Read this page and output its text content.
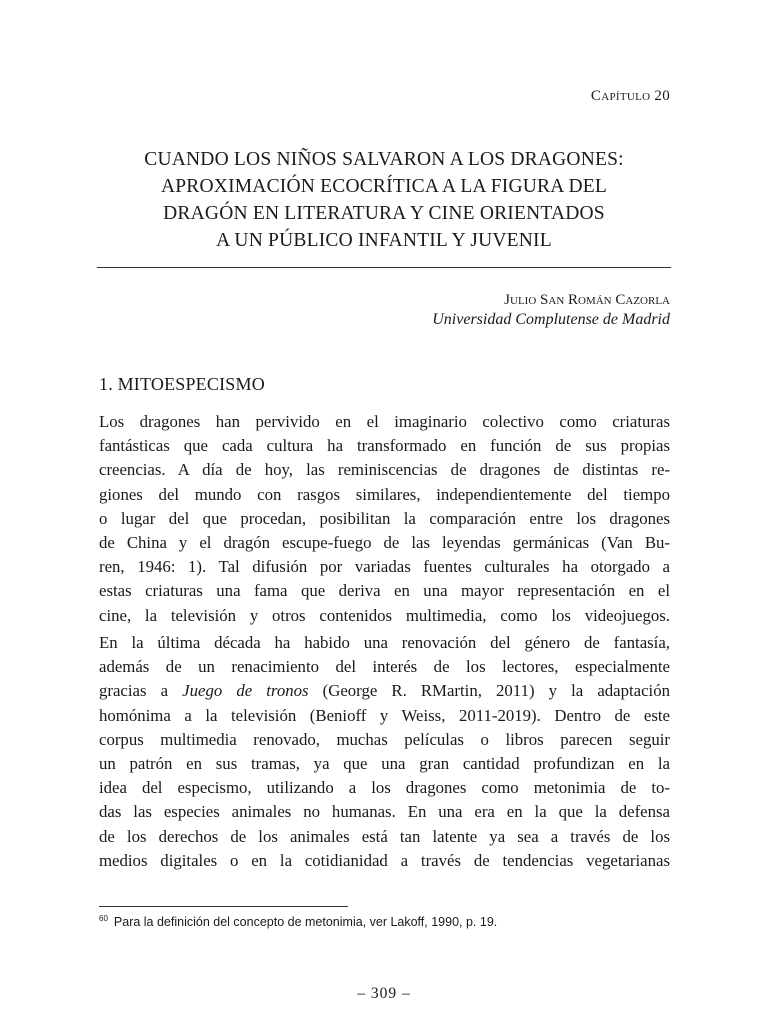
Capítulo 20
CUANDO LOS NIÑOS SALVARON A LOS DRAGONES:
APROXIMACIÓN ECOCRÍTICA A LA FIGURA DEL
DRAGÓN EN LITERATURA Y CINE ORIENTADOS
A UN PÚBLICO INFANTIL Y JUVENIL
Julio San Román Cazorla
Universidad Complutense de Madrid
1. MITOESPECISMO
Los dragones han pervivido en el imaginario colectivo como criaturas
fantásticas que cada cultura ha transformado en función de sus propias
creencias. A día de hoy, las reminiscencias de dragones de distintas re-
giones del mundo con rasgos similares, independientemente del tiempo
o lugar del que procedan, posibilitan la comparación entre los dragones
de China y el dragón escupe-fuego de las leyendas germánicas (Van Bu-
ren, 1946: 1). Tal difusión por variadas fuentes culturales ha otorgado a
estas criaturas una fama que deriva en una mayor representación en el
cine, la televisión y otros contenidos multimedia, como los videojuegos.
En la última década ha habido una renovación del género de fantasía,
además de un renacimiento del interés de los lectores, especialmente
gracias a Juego de tronos (George R. RMartin, 2011) y la adaptación
homónima a la televisión (Benioff y Weiss, 2011-2019). Dentro de este
corpus multimedia renovado, muchas películas o libros parecen seguir
un patrón en sus tramas, ya que una gran cantidad profundizan en la
idea del especismo, utilizando a los dragones como metonimia de to-
das las especies animales no humanas. En una era en la que la defensa
de los derechos de los animales está tan latente ya sea a través de los
medios digitales o en la cotidianidad a través de tendencias vegetarianas
$^{60}$ Para la definición del concepto de metonimia, ver Lakoff, 1990, p. 19.
– 309 –
